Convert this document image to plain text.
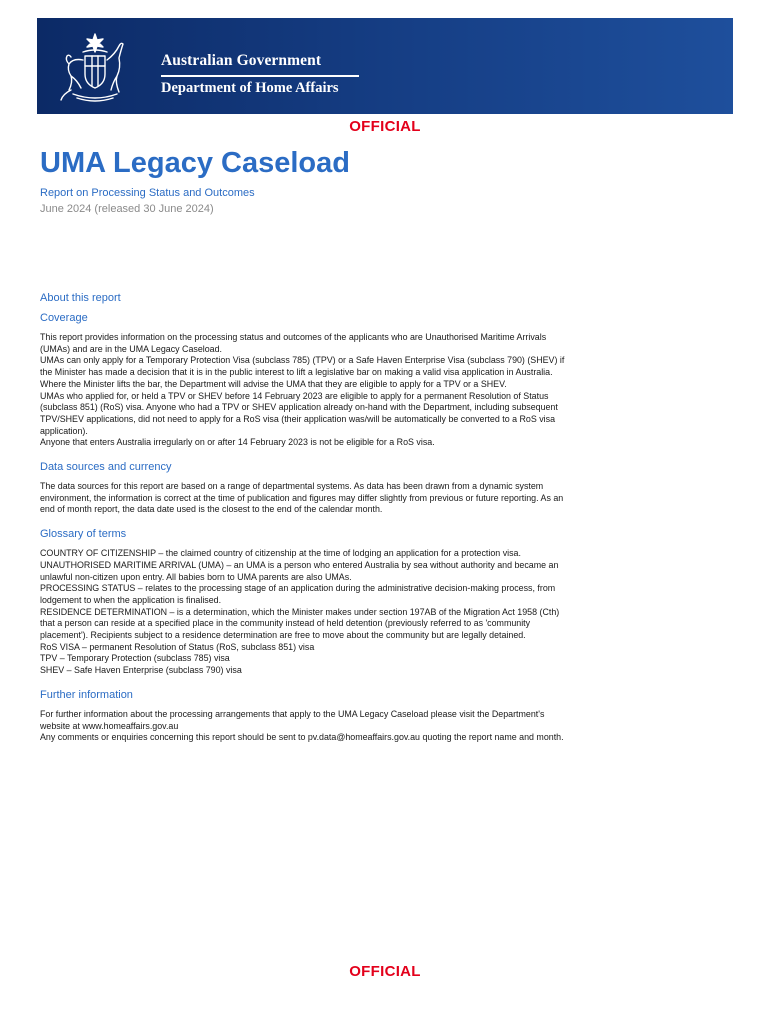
Australian Government
Department of Home Affairs
OFFICIAL
UMA Legacy Caseload
Report on Processing Status and Outcomes
June 2024 (released 30 June 2024)
About this report
Coverage

This report provides information on the processing status and outcomes of the applicants who are Unauthorised Maritime Arrivals
(UMAs) and are in the UMA Legacy Caseload.
UMAs can only apply for a Temporary Protection Visa (subclass 785) (TPV) or a Safe Haven Enterprise Visa (subclass 790) (SHEV) if
the Minister has made a decision that it is in the public interest to lift a legislative bar on making a valid visa application in Australia.
Where the Minister lifts the bar, the Department will advise the UMA that they are eligible to apply for a TPV or a SHEV.
UMAs who applied for, or held a TPV or SHEV before 14 February 2023 are eligible to apply for a permanent Resolution of Status
(subclass 851) (RoS) visa. Anyone who had a TPV or SHEV application already on-hand with the Department, including subsequent
TPV/SHEV applications, did not need to apply for a RoS visa (their application was/will be automatically be converted to a RoS visa
application).
Anyone that enters Australia irregularly on or after 14 February 2023 is not be eligible for a RoS visa.

Data sources and currency

The data sources for this report are based on a range of departmental systems. As data has been drawn from a dynamic system
environment, the information is correct at the time of publication and figures may differ slightly from previous or future reporting. As an
end of month report, the data date used is the closest to the end of the calendar month.

Glossary of terms

COUNTRY OF CITIZENSHIP – the claimed country of citizenship at the time of lodging an application for a protection visa.
UNAUTHORISED MARITIME ARRIVAL (UMA) – an UMA is a person who entered Australia by sea without authority and became an
unlawful non-citizen upon entry. All babies born to UMA parents are also UMAs.
PROCESSING STATUS – relates to the processing stage of an application during the administrative decision-making process, from
lodgement to when the application is finalised.
RESIDENCE DETERMINATION – is a determination, which the Minister makes under section 197AB of the Migration Act 1958 (Cth)
that a person can reside at a specified place in the community instead of held detention (previously referred to as 'community
placement'). Recipients subject to a residence determination are free to move about the community but are legally detained.
RoS VISA – permanent Resolution of Status (RoS, subclass 851) visa
TPV – Temporary Protection (subclass 785) visa
SHEV – Safe Haven Enterprise (subclass 790) visa

Further information

For further information about the processing arrangements that apply to the UMA Legacy Caseload please visit the Department's
website at www.homeaffairs.gov.au
Any comments or enquiries concerning this report should be sent to pv.data@homeaffairs.gov.au quoting the report name and month.

OFFICIAL
